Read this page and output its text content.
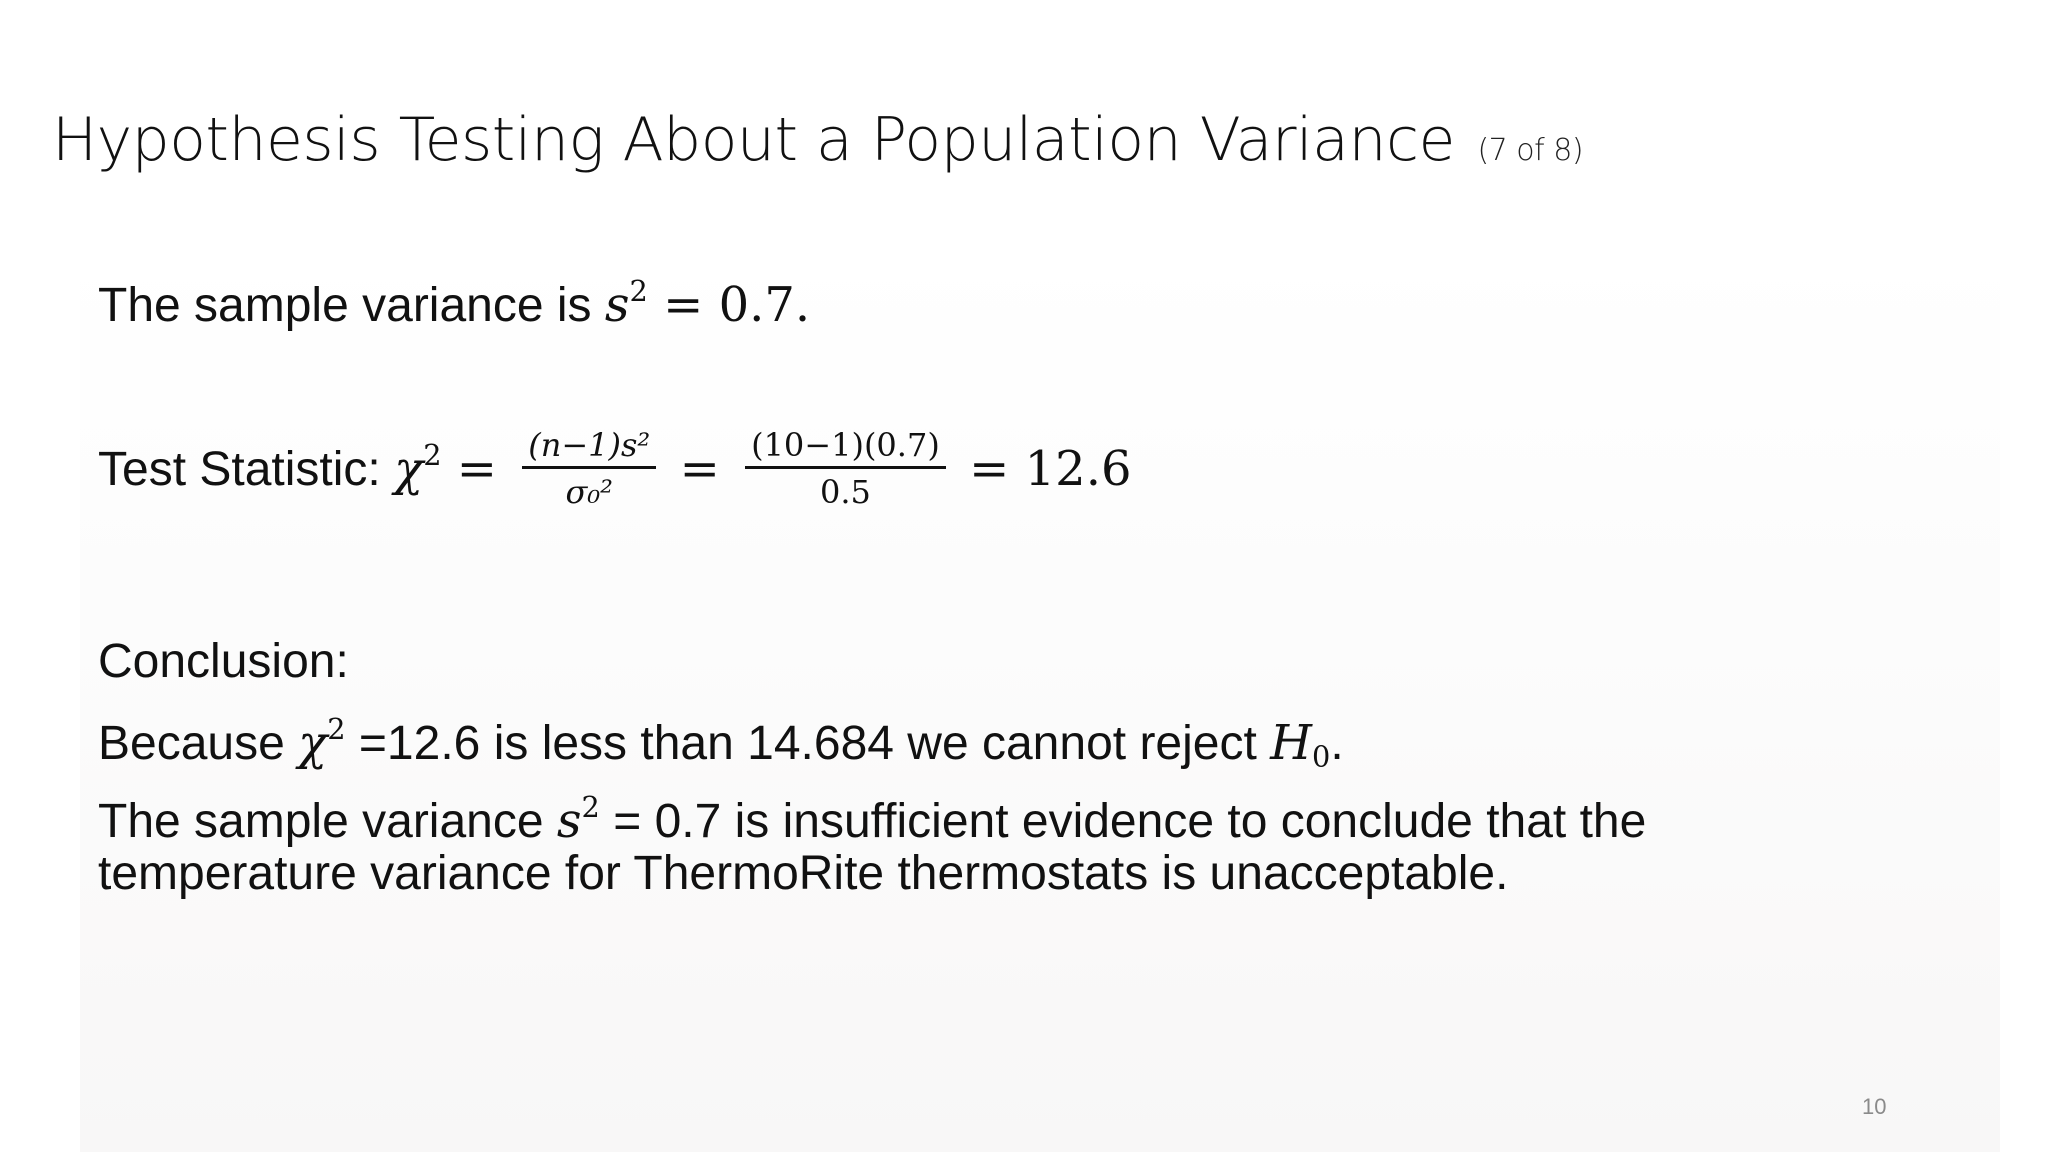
Hypothesis Testing About a Population Variance (7 of 8)
The sample variance is $s^2 = 0.7$.
Test Statistic: $\chi^2 = \frac{\text{(n−1)s²}}{\text{σ₀²}} = \frac{(10-1)(0.7)}{0.5} = 12.6$
Conclusion:
Because $\chi^2 =12.6$ is less than 14.684 we cannot reject $H_0$.
The sample variance $s^2 = 0.7$ is insufficient evidence to conclude that the
temperature variance for ThermoRite thermostats is unacceptable.
10
